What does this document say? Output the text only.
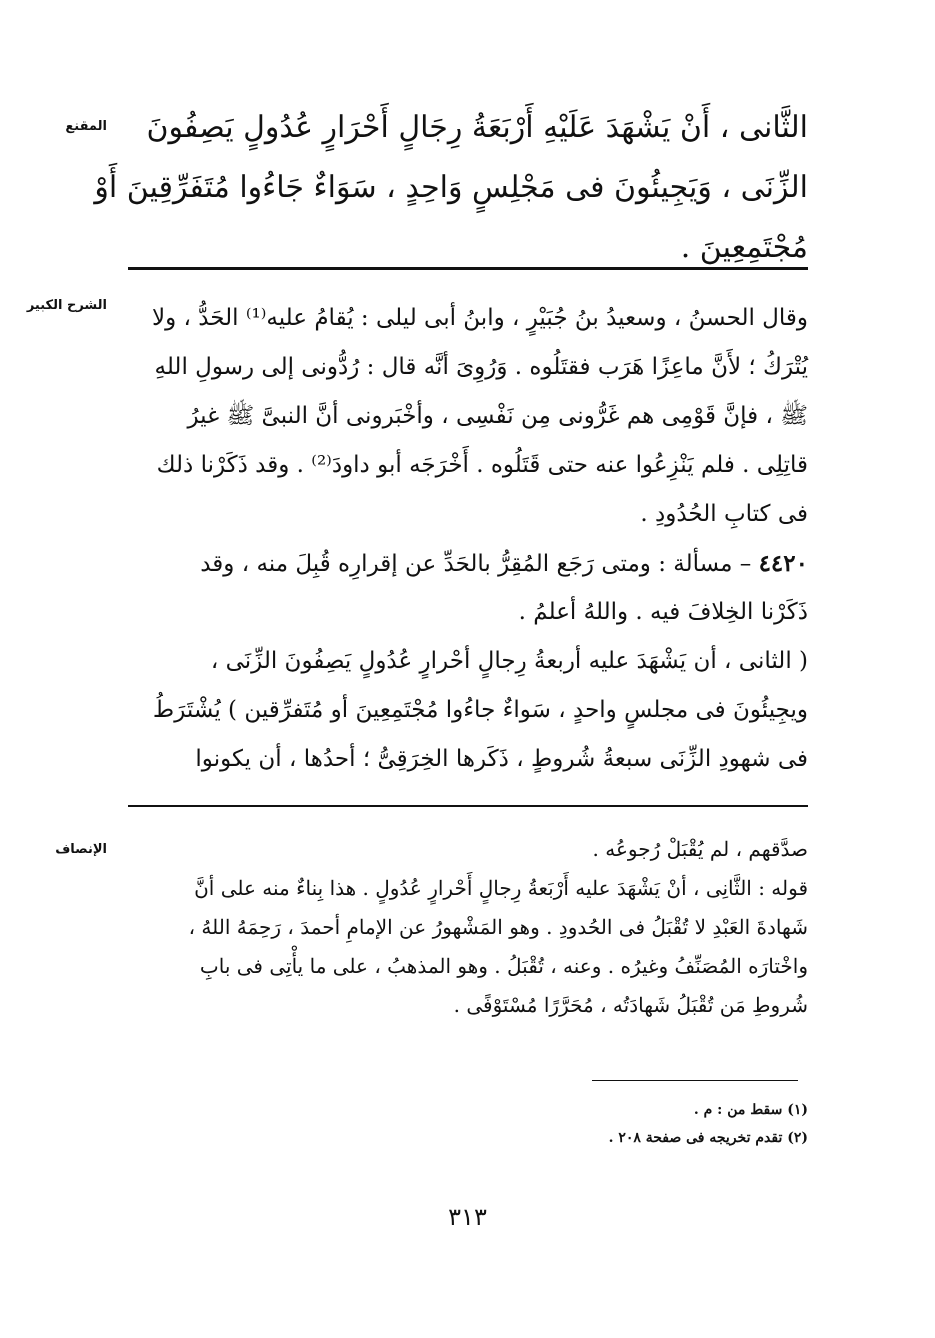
المقنع
الشرح الكبير
الإنصاف
الثَّانى ، أَنْ يَشْهَدَ عَلَيْهِ أَرْبَعَةُ رِجَالٍ أَحْرَارٍ عُدُولٍ يَصِفُونَ
الزِّنَى ، وَيَجِيئُونَ فى مَجْلِسٍ وَاحِدٍ ، سَوَاءٌ جَاءُوا مُتَفَرِّقِينَ أَوْ
مُجْتَمِعِينَ .
وقال الحسنُ ، وسعيدُ بنُ جُبَيْرٍ ، وابنُ أبى ليلى : يُقامُ عليه⁽¹⁾ الحَدُّ ، ولا
يُتْرَكُ ؛ لأَنَّ ماعِزًا هَرَب فقتَلُوه . وَرُوِىَ أنَّه قال : رُدُّونى إلى رسولِ اللهِ
ﷺ ، فإنَّ قَوْمِى هم غَرُّونى مِن نَفْسِى ، وأخْبَرونى أنَّ النبىَّ ﷺ غيرُ
قاتِلِى . فلم يَنْزِعُوا عنه حتى قَتَلُوه . أَخْرَجَه أبو داودَ⁽²⁾ . وقد ذَكَرْنا ذلك
فى كتابِ الحُدُودِ .
٤٤٢٠ – مسألة : ومتى رَجَع المُقِرُّ بالحَدِّ عن إقرارِه قُبِلَ منه ، وقد
ذَكَرْنا الخِلافَ فيه . واللهُ أعلمُ .
( الثانى ، أن يَشْهَدَ عليه أربعةُ رِجالٍ أحْرارٍ عُدُولٍ يَصِفُونَ الزِّنَى ،
ويجِيئُونَ فى مجلسٍ واحدٍ ، سَواءٌ جاءُوا مُجْتَمِعِينَ أو مُتَفرِّقين ) يُشْتَرَطُ
فى شهودِ الزِّنَى سبعةُ شُروطٍ ، ذَكَرها الخِرَقِىُّ ؛ أحدُها ، أن يكونوا
صدَّقهم ، لم يُقْبَلْ رُجوعُه .
قوله : الثَّانِى ، أنْ يَشْهَدَ عليه أَرْبَعةُ رِجالٍ أَحْرارٍ عُدُولٍ . هذا بِناءٌ منه على أنَّ
شَهادةَ العَبْدِ لا تُقْبَلُ فى الحُدودِ . وهو المَشْهورُ عن الإمامِ أحمدَ ، رَحِمَهُ اللهُ ،
واخْتارَه المُصَنِّفُ وغيرُه . وعنه ، تُقْبَلُ . وهو المذهبُ ، على ما يأْتِى فى بابِ
شُروطِ مَن تُقْبَلُ شَهادَتُه ، مُحَرَّرًا مُسْتَوْفًى .
(١) سقط من : م .
(٢) تقدم تخريجه فى صفحة ٢٠٨ .
٣١٣
